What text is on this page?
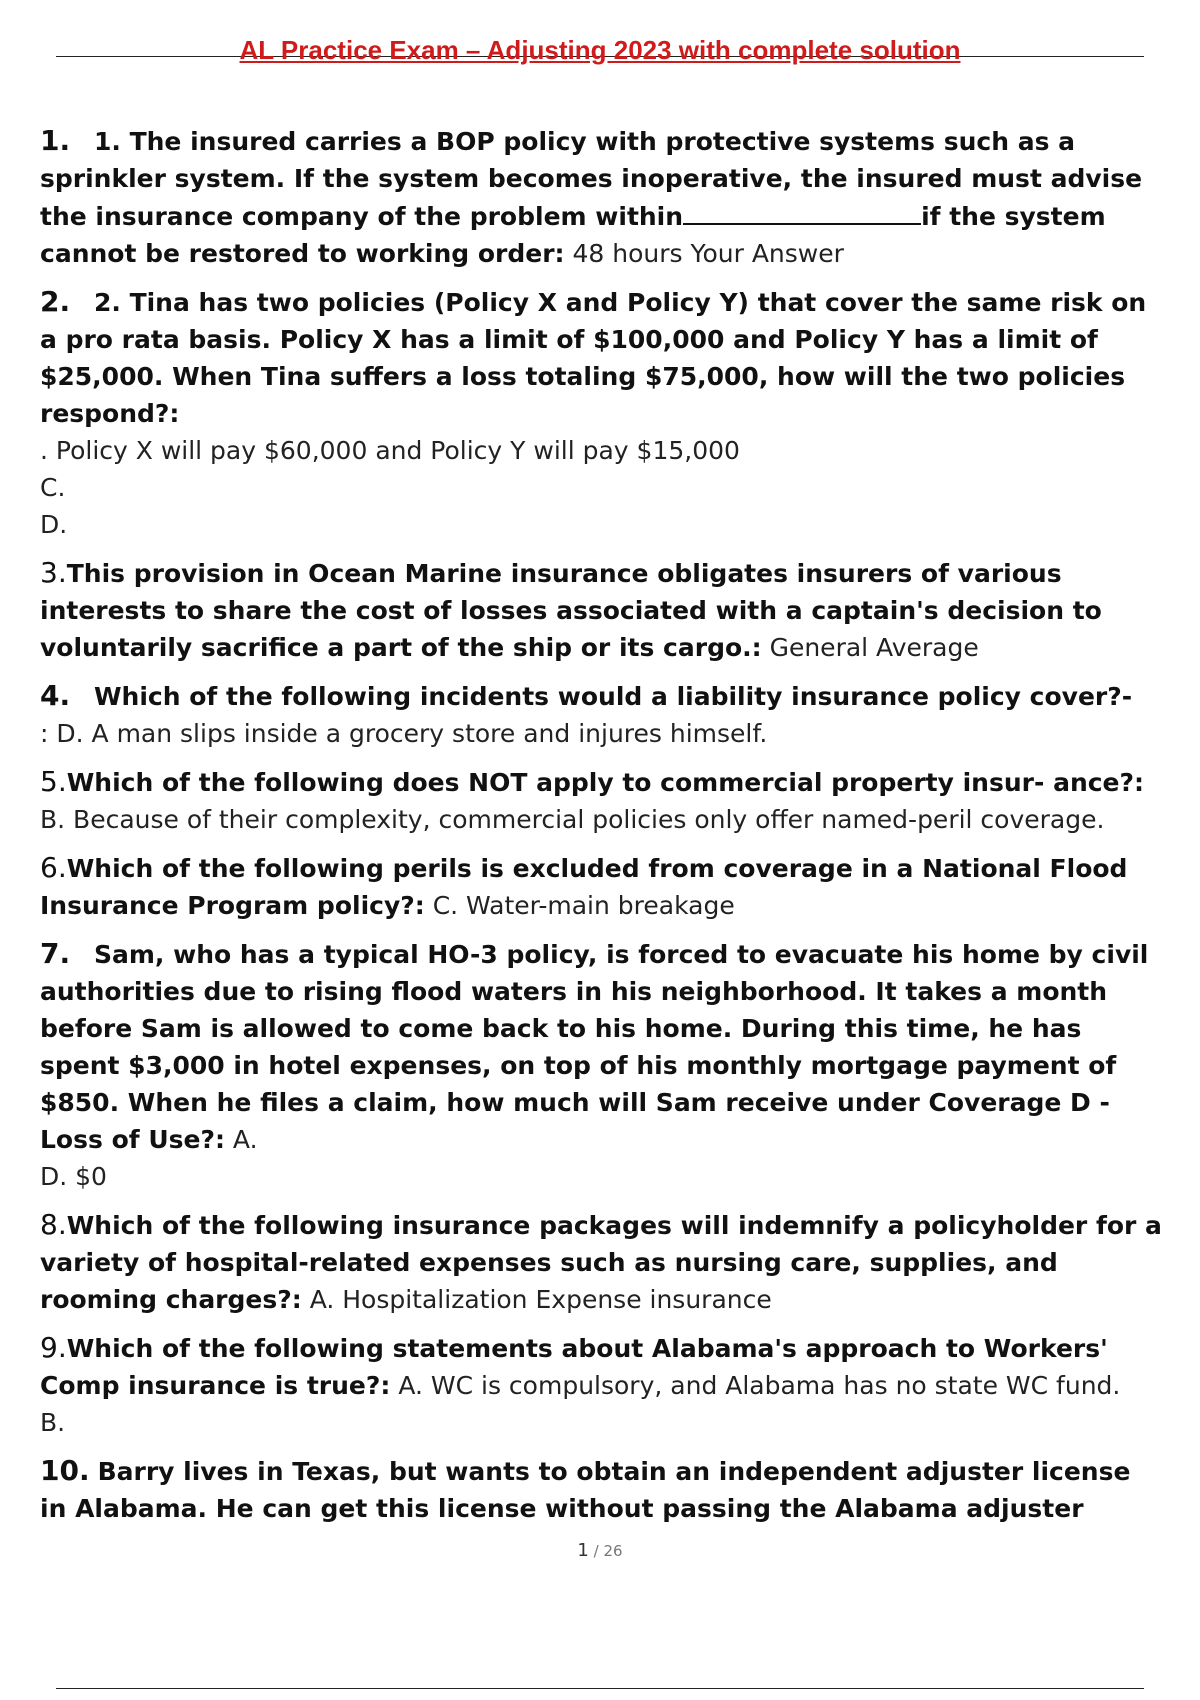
AL Practice Exam – Adjusting 2023 with complete solution
1. 1. The insured carries a BOP policy with protective systems such as a sprinkler system. If the system becomes inoperative, the insured must advise the insurance company of the problem within	if the system cannot be restored to working order: 48 hours Your Answer
2. 2. Tina has two policies (Policy X and Policy Y) that cover the same risk on a pro rata basis. Policy X has a limit of $100,000 and Policy Y has a limit of $25,000. When Tina suffers a loss totaling $75,000, how will the two policies respond?:
. Policy X will pay $60,000 and Policy Y will pay $15,000
C.
D.
3.This provision in Ocean Marine insurance obligates insurers of various interests to share the cost of losses associated with a captain's decision to voluntarily sacrifice a part of the ship or its cargo.: General Average
4. Which of the following incidents would a liability insurance policy cover?-
: D. A man slips inside a grocery store and injures himself.
5.Which of the following does NOT apply to commercial property insur- ance?: B. Because of their complexity, commercial policies only offer named-peril coverage.
6.Which of the following perils is excluded from coverage in a National Flood Insurance Program policy?: C. Water-main breakage
7. Sam, who has a typical HO-3 policy, is forced to evacuate his home by civil authorities due to rising flood waters in his neighborhood. It takes a month before Sam is allowed to come back to his home. During this time, he has spent $3,000 in hotel expenses, on top of his monthly mortgage payment of $850. When he files a claim, how much will Sam receive under Coverage D - Loss of Use?: A.
D. $0
8.Which of the following insurance packages will indemnify a policyholder for a variety of hospital-related expenses such as nursing care, supplies, and rooming charges?: A. Hospitalization Expense insurance
9.Which of the following statements about Alabama's approach to Workers' Comp insurance is true?: A. WC is compulsory, and Alabama has no state WC fund.
B.
10. Barry lives in Texas, but wants to obtain an independent adjuster license in Alabama. He can get this license without passing the Alabama adjuster
1 / 26
